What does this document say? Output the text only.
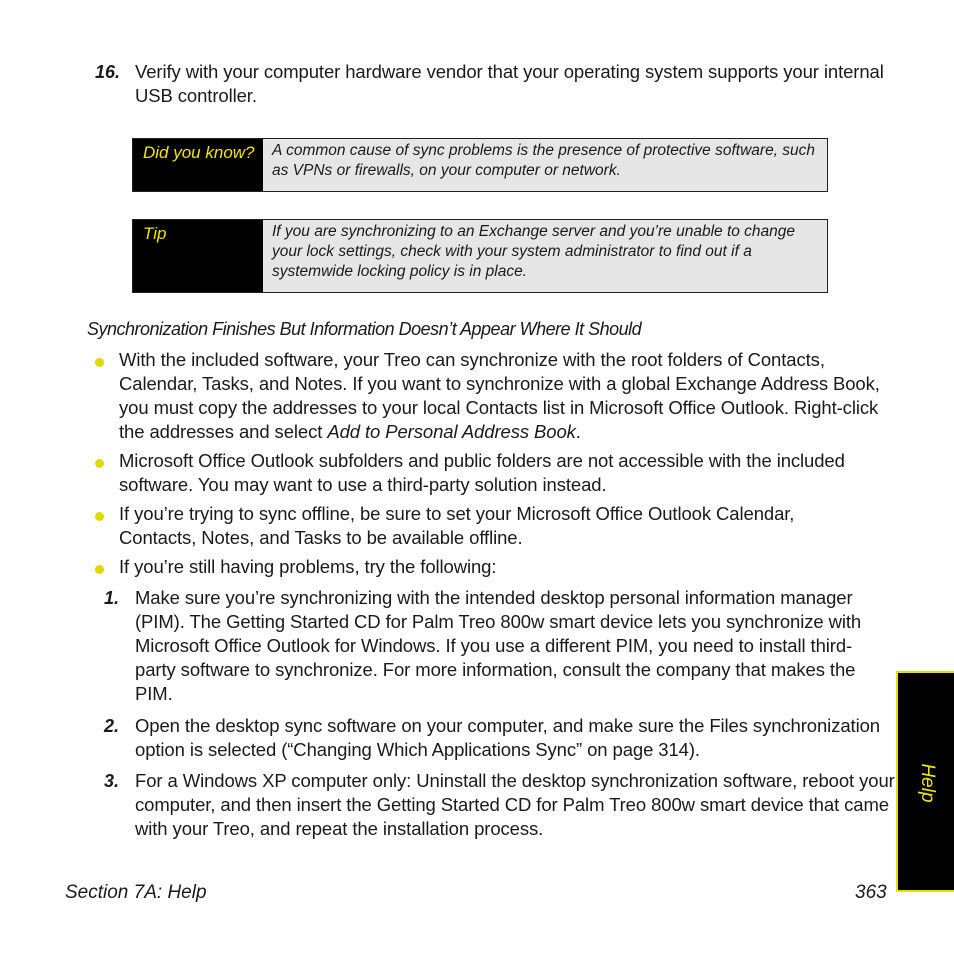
16. Verify with your computer hardware vendor that your operating system supports your internal USB controller.
Did you know?	A common cause of sync problems is the presence of protective software, such as VPNs or firewalls, on your computer or network.
Tip	If you are synchronizing to an Exchange server and you’re unable to change your lock settings, check with your system administrator to find out if a systemwide locking policy is in place.
Synchronization Finishes But Information Doesn’t Appear Where It Should
With the included software, your Treo can synchronize with the root folders of Contacts, Calendar, Tasks, and Notes. If you want to synchronize with a global Exchange Address Book, you must copy the addresses to your local Contacts list in Microsoft Office Outlook. Right-click the addresses and select Add to Personal Address Book.
Microsoft Office Outlook subfolders and public folders are not accessible with the included software. You may want to use a third-party solution instead.
If you’re trying to sync offline, be sure to set your Microsoft Office Outlook Calendar, Contacts, Notes, and Tasks to be available offline.
If you’re still having problems, try the following:
1. Make sure you’re synchronizing with the intended desktop personal information manager (PIM). The Getting Started CD for Palm Treo 800w smart device lets you synchronize with Microsoft Office Outlook for Windows. If you use a different PIM, you need to install third-party software to synchronize. For more information, consult the company that makes the PIM.
2. Open the desktop sync software on your computer, and make sure the Files synchronization option is selected (“Changing Which Applications Sync” on page 314).
3. For a Windows XP computer only: Uninstall the desktop synchronization software, reboot your computer, and then insert the Getting Started CD for Palm Treo 800w smart device that came with your Treo, and repeat the installation process.
Help
Section 7A: Help	363
